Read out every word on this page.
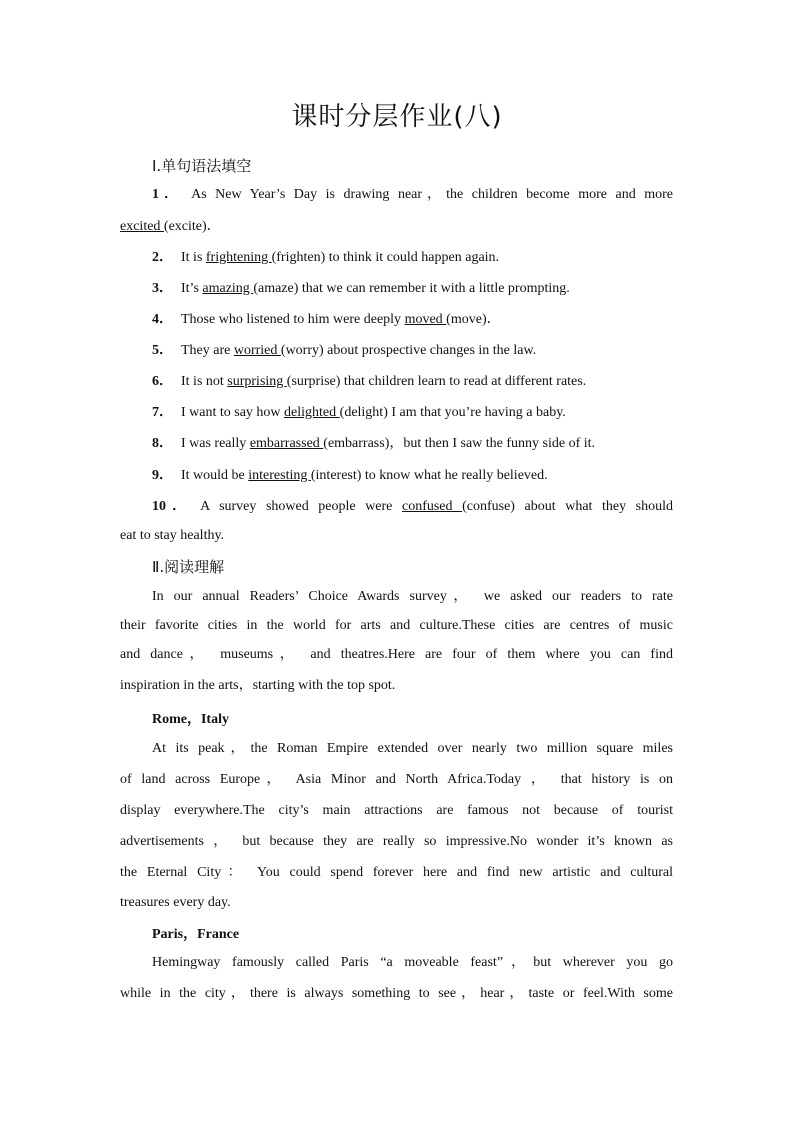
课时分层作业(八)
Ⅰ.单句语法填空
1． As New Year’s Day is drawing near，the children become more and more
excited (excite)．
2． It is frightening (frighten) to think it could happen again.
3． It’s amazing (amaze) that we can remember it with a little prompting.
4． Those who listened to him were deeply moved (move)．
5． They are worried (worry) about prospective changes in the law.
6． It is not surprising (surprise) that children learn to read at different rates.
7． I want to say how delighted (delight) I am that you’re having a baby.
8． I was really embarrassed (embarrass)，but then I saw the funny side of it.
9． It would be interesting (interest) to know what he really believed.
10． A survey showed people were confused (confuse) about what they should
eat to stay healthy.
Ⅱ.阅读理解
In our annual Readers’ Choice Awards survey， we asked our readers to rate
their favorite cities in the world for arts and culture.These cities are centres of music
and dance， museums， and theatres.Here are four of them where you can find
inspiration in the arts，starting with the top spot.
Rome，Italy
At its peak，the Roman Empire extended over nearly two million square miles
of land across Europe， Asia Minor and North Africa.Today ， that history is on
display everywhere.The city’s main attractions are famous not because of tourist
advertisements ， but because they are really so impressive.No wonder it’s known as
the Eternal City： You could spend forever here and find new artistic and cultural
treasures every day.
Paris，France
Hemingway famously called Paris “a moveable feast”，but wherever you go
while in the city，there is always something to see，hear，taste or feel.With some
